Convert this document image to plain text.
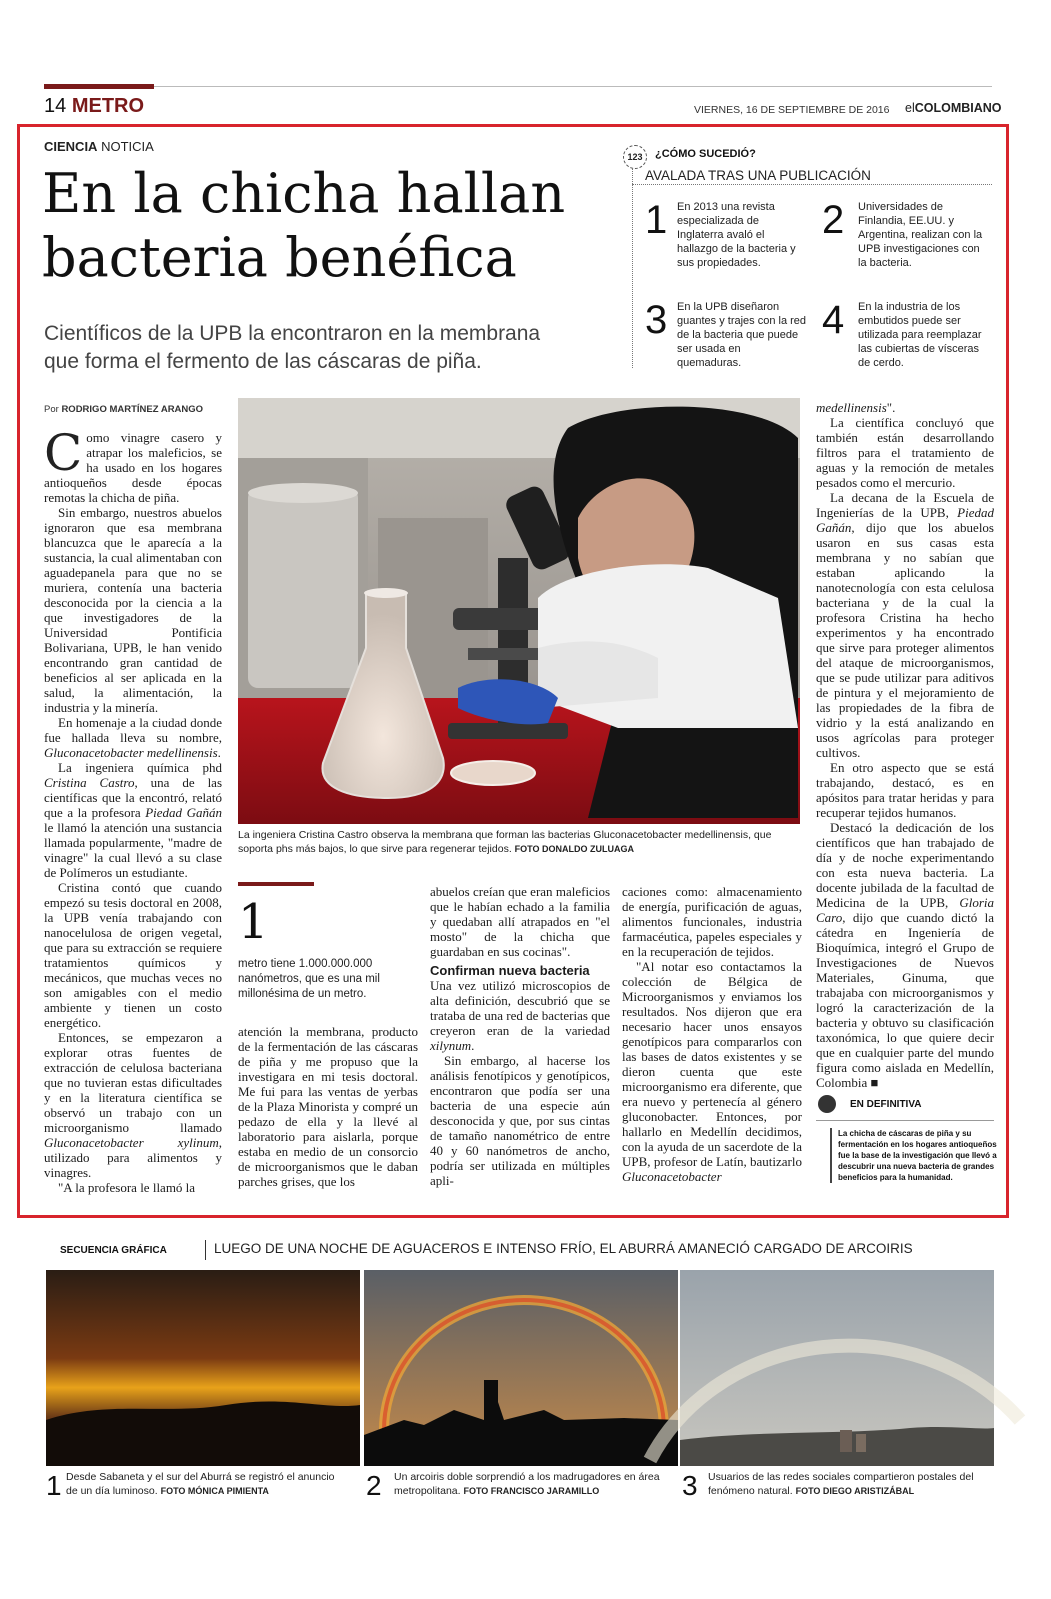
14 METRO	VIERNES, 16 DE SEPTIEMBRE DE 2016 elCOLOMBIANO
CIENCIA NOTICIA
En la chicha hallan
bacteria benéfica
Científicos de la UPB la encontraron en la membrana
que forma el fermento de las cáscaras de piña.
Por RODRIGO MARTÍNEZ ARANGO

Como vinagre casero y atrapar los maleficios, se ha usado en los hogares antioqueños desde épocas remotas la chicha de piña.

Sin embargo, nuestros abuelos ignoraron que esa membrana blancuzca que le aparecía a la sustancia, la cual alimentaban con aguadepanela para que no se muriera, contenía una bacteria desconocida por la ciencia a la que investigadores de la Universidad Pontificia Bolivariana, UPB, le han venido encontrando gran cantidad de beneficios al ser aplicada en la salud, la alimentación, la industria y la minería.

En homenaje a la ciudad donde fue hallada lleva su nombre, Gluconacetobacter medellinensis.

La ingeniera química phd Cristina Castro, una de las científicas que la encontró, relató que a la profesora Piedad Gañán le llamó la atención una sustancia llamada popularmente, "madre de vinagre" la cual llevó a su clase de Polímeros un estudiante.

Cristina contó que cuando empezó su tesis doctoral en 2008, la UPB venía trabajando con nanocelulosa de origen vegetal, que para su extracción se requiere tratamientos químicos y mecánicos, que muchas veces no son amigables con el medio ambiente y tienen un costo energético.

Entonces, se empezaron a explorar otras fuentes de extracción de celulosa bacteriana que no tuvieran estas dificultades y en la literatura científica se observó un trabajo con un microorganismo llamado Gluconacetobacter xylinum, utilizado para alimentos y vinagres.

"A la profesora le llamó la

La ingeniera Cristina Castro observa la membrana que forman las bacterias Gluconacetobacter medellinensis, que soporta phs más bajos, lo que sirve para regenerar tejidos. FOTO DONALDO ZULUAGA
1
metro tiene 1.000.000.000 nanómetros, que es una mil millonésima de un metro.

atención la membrana, producto de la fermentación de las cáscaras de piña y me propuso que la investigara en mi tesis doctoral. Me fui para las ventas de yerbas de la Plaza Minorista y compré un pedazo de ella y la llevé al laboratorio para aislarla, porque estaba en medio de un consorcio de microorganismos que le daban parches grises, que los

abuelos creían que eran maleficios que le habían echado a la familia y quedaban allí atrapados en "el mosto" de la chicha que guardaban en sus cocinas".

Confirman nueva bacteria

Una vez utilizó microscopios de alta definición, descubrió que se trataba de una red de bacterias que creyeron eran de la variedad xilynum.

Sin embargo, al hacerse los análisis fenotípicos y genotípicos, encontraron que podía ser una bacteria de una especie aún desconocida y que, por sus cintas de tamaño nanométrico de entre 40 y 60 nanómetros de ancho, podría ser utilizada en múltiples apli-

caciones como: almacenamiento de energía, purificación de aguas, alimentos funcionales, industria farmacéutica, papeles especiales y en la recuperación de tejidos.

"Al notar eso contactamos la colección de Bélgica de Microorganismos y enviamos los resultados. Nos dijeron que era necesario hacer unos ensayos genotípicos para compararlos con las bases de datos existentes y se dieron cuenta que este microorganismo era diferente, que era nuevo y pertenecía al género gluconobacter. Entonces, por hallarlo en Medellín decidimos, con la ayuda de un sacerdote de la UPB, profesor de Latín, bautizarlo Gluconacetobacter

medellinensis".

La científica concluyó que también están desarrollando filtros para el tratamiento de aguas y la remoción de metales pesados como el mercurio.

La decana de la Escuela de Ingenierías de la UPB, Piedad Gañán, dijo que los abuelos usaron en sus casas esta membrana y no sabían que estaban aplicando la nanotecnología con esta celulosa bacteriana y de la cual la profesora Cristina ha hecho experimentos y ha encontrado que sirve para proteger alimentos del ataque de microorganismos, que se pude utilizar para aditivos de pintura y el mejoramiento de las propiedades de la fibra de vidrio y la está analizando en usos agrícolas para proteger cultivos.

En otro aspecto que se está trabajando, destacó, es en apósitos para tratar heridas y para recuperar tejidos humanos.

Destacó la dedicación de los científicos que han trabajado de día y de noche experimentando con esta nueva bacteria. La docente jubilada de la facultad de Medicina de la UPB, Gloria Caro, dijo que cuando dictó la cátedra en Ingeniería de Bioquímica, integró el Grupo de Investigaciones de Nuevos Materiales, Ginuma, que trabajaba con microorganismos y logró la caracterización de la bacteria y obtuvo su clasificación taxonómica, lo que quiere decir que en cualquier parte del mundo figura como aislada en Medellín, Colombia ■

123	¿CÓMO SUCEDIÓ?
AVALADA TRAS UNA PUBLICACIÓN
1 En 2013 una revista especializada de Inglaterra avaló el hallazgo de la bacteria y sus propiedades.
2 Universidades de Finlandia, EE.UU. y Argentina, realizan con la UPB investigaciones con la bacteria.
3 En la UPB diseñaron guantes y trajes con la red de la bacteria que puede ser usada en quemaduras.
4 En la industria de los embutidos puede ser utilizada para reemplazar las cubiertas de vísceras de cerdo.
EN DEFINITIVA
La chicha de cáscaras de piña y su fermentación en los hogares antioqueños fue la base de la investigación que llevó a descubrir una nueva bacteria de grandes beneficios para la humanidad.
SECUENCIA GRÁFICA	LUEGO DE UNA NOCHE DE AGUACEROS E INTENSO FRÍO, EL ABURRÁ AMANECIÓ CARGADO DE ARCOIRIS
1 Desde Sabaneta y el sur del Aburrá se registró el anuncio de un día luminoso. FOTO MÓNICA PIMIENTA	2 Un arcoiris doble sorprendió a los madrugadores en área metropolitana. FOTO FRANCISCO JARAMILLO	3 Usuarios de las redes sociales compartieron postales del fenómeno natural. FOTO DIEGO ARISTIZÁBAL
